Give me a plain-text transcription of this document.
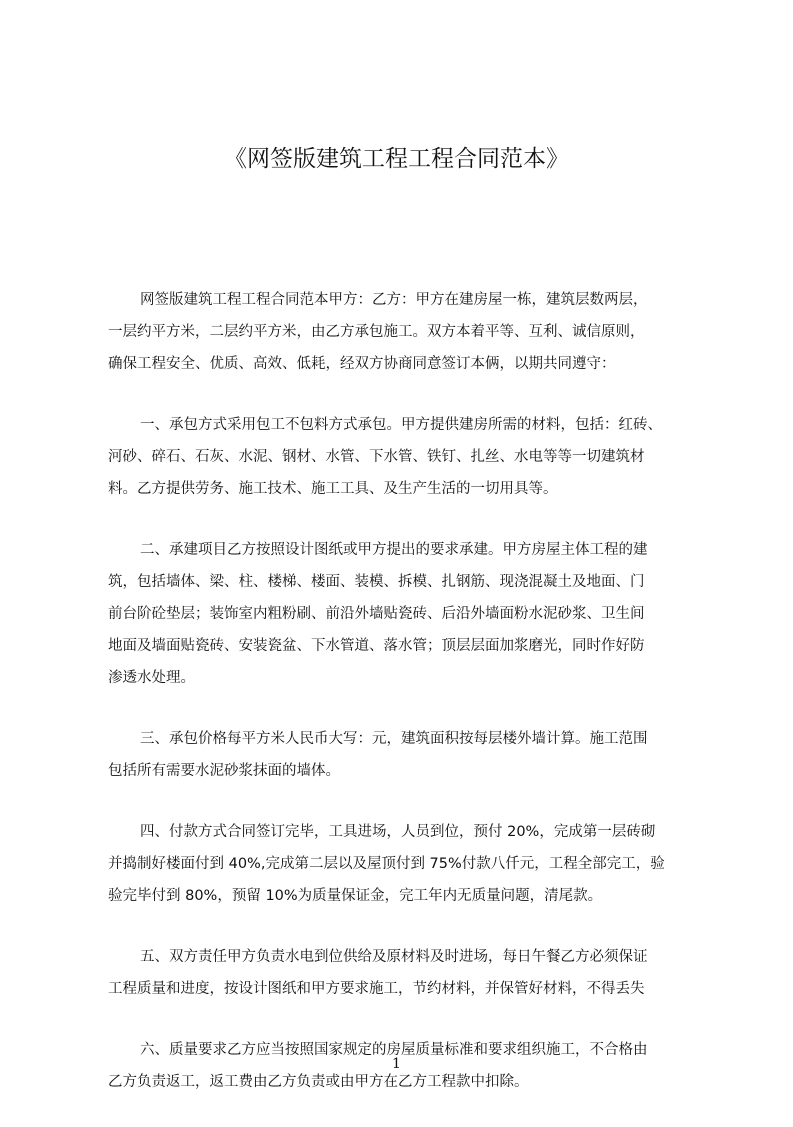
《网签版建筑工程工程合同范本》
网签版建筑工程工程合同范本甲方：乙方：甲方在建房屋一栋，建筑层数两层，
一层约平方米，二层约平方米，由乙方承包施工。双方本着平等、互利、诚信原则，
确保工程安全、优质、高效、低耗，经双方协商同意签订本俩，以期共同遵守：
一、承包方式采用包工不包料方式承包。甲方提供建房所需的材料，包括：红砖、
河砂、碎石、石灰、水泥、钢材、水管、下水管、铁钉、扎丝、水电等等一切建筑材
料。乙方提供劳务、施工技术、施工工具、及生产生活的一切用具等。
二、承建项目乙方按照设计图纸或甲方提出的要求承建。甲方房屋主体工程的建
筑，包括墙体、梁、柱、楼梯、楼面、装模、拆模、扎钢筋、现浇混凝土及地面、门
前台阶砼垫层；装饰室内粗粉刷、前沿外墙贴瓷砖、后沿外墙面粉水泥砂浆、卫生间
地面及墙面贴瓷砖、安装瓷盆、下水管道、落水管；顶层层面加浆磨光，同时作好防
渗透水处理。
三、承包价格每平方米人民币大写：元，建筑面积按每层楼外墙计算。施工范围
包括所有需要水泥砂浆抹面的墙体。
四、付款方式合同签订完毕，工具进场，人员到位，预付 20%，完成第一层砖砌
并捣制好楼面付到 40%,完成第二层以及屋顶付到 75%付款八仟元，工程全部完工，验
验完毕付到 80%，预留 10%为质量保证金，完工年内无质量问题，清尾款。
五、双方责任甲方负责水电到位供给及原材料及时进场，每日午餐乙方必须保证
工程质量和进度，按设计图纸和甲方要求施工，节约材料，并保管好材料，不得丢失
六、质量要求乙方应当按照国家规定的房屋质量标准和要求组织施工，不合格由
乙方负责返工，返工费由乙方负责或由甲方在乙方工程款中扣除。

1
